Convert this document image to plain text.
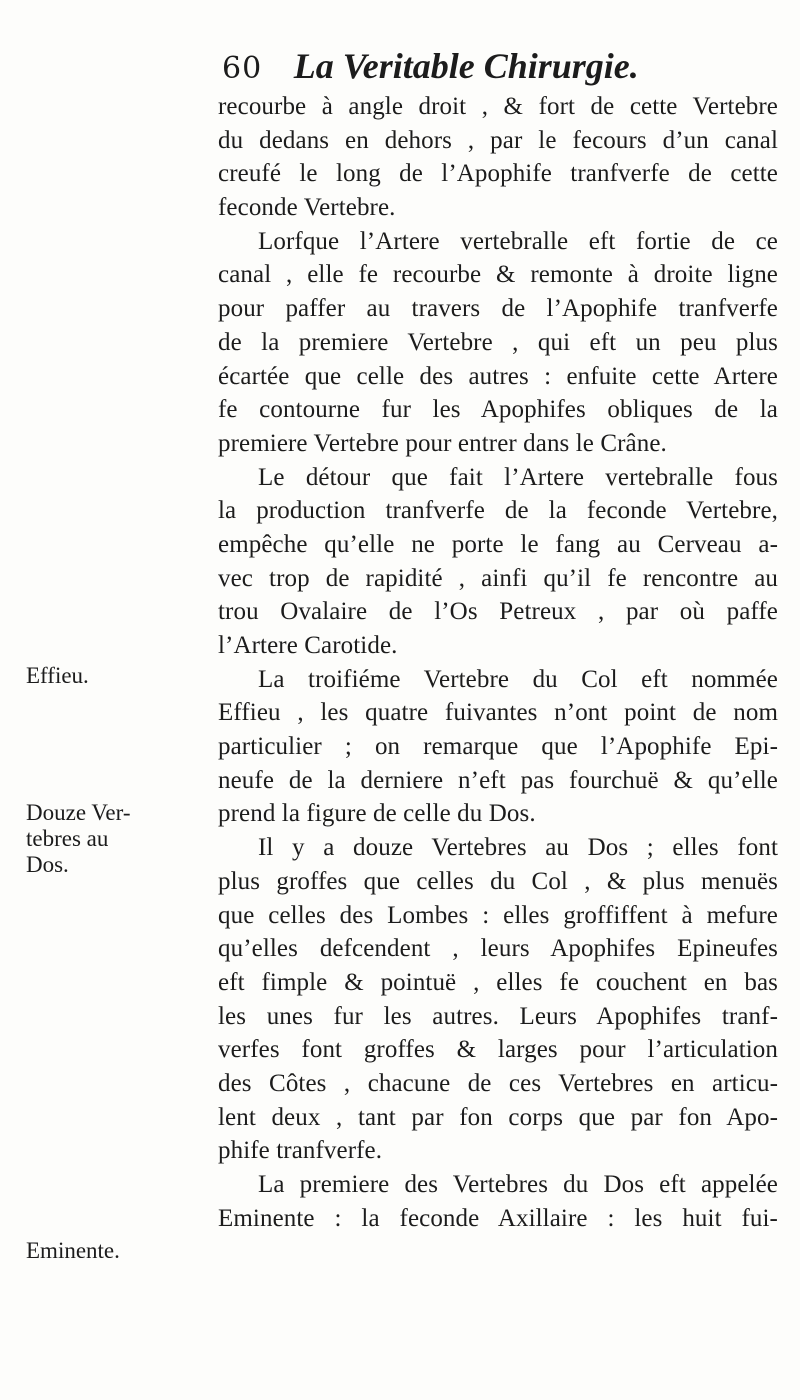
60 La Veritable Chirurgie.
recourbe à angle droit , & fort de cette Vertebre
du dedans en dehors , par le fecours d’un canal
creufé le long de l’Apophife tranfverfe de cette
feconde Vertebre.
Lorfque l’Artere vertebralle eft fortie de ce
canal , elle fe recourbe & remonte à droite ligne
pour paffer au travers de l’Apophife tranfverfe
de la premiere Vertebre , qui eft un peu plus
écartée que celle des autres : enfuite cette Artere
fe contourne fur les Apophifes obliques de la
premiere Vertebre pour entrer dans le Crâne.
Le détour que fait l’Artere vertebralle fous
la production tranfverfe de la feconde Vertebre,
empêche qu’elle ne porte le fang au Cerveau a-
vec trop de rapidité , ainfi qu’il fe rencontre au
trou Ovalaire de l’Os Petreux , par où paffe
l’Artere Carotide.
La troifiéme Vertebre du Col eft nommée
Effieu , les quatre fuivantes n’ont point de nom
particulier ; on remarque que l’Apophife Epi-
neufe de la derniere n’eft pas fourchuë & qu’elle
prend la figure de celle du Dos.
Il y a douze Vertebres au Dos ; elles font
plus groffes que celles du Col , & plus menuës
que celles des Lombes : elles groffiffent à mefure
qu’elles defcendent , leurs Apophifes Epineufes
eft fimple & pointuë , elles fe couchent en bas
les unes fur les autres. Leurs Apophifes tranf-
verfes font groffes & larges pour l’articulation
des Côtes , chacune de ces Vertebres en articu-
lent deux , tant par fon corps que par fon Apo-
phife tranfverfe.
La premiere des Vertebres du Dos eft appelée
Eminente : la feconde Axillaire : les huit fui-
Effieu.
Douze Ver-
tebres au
Dos.
Eminente.
